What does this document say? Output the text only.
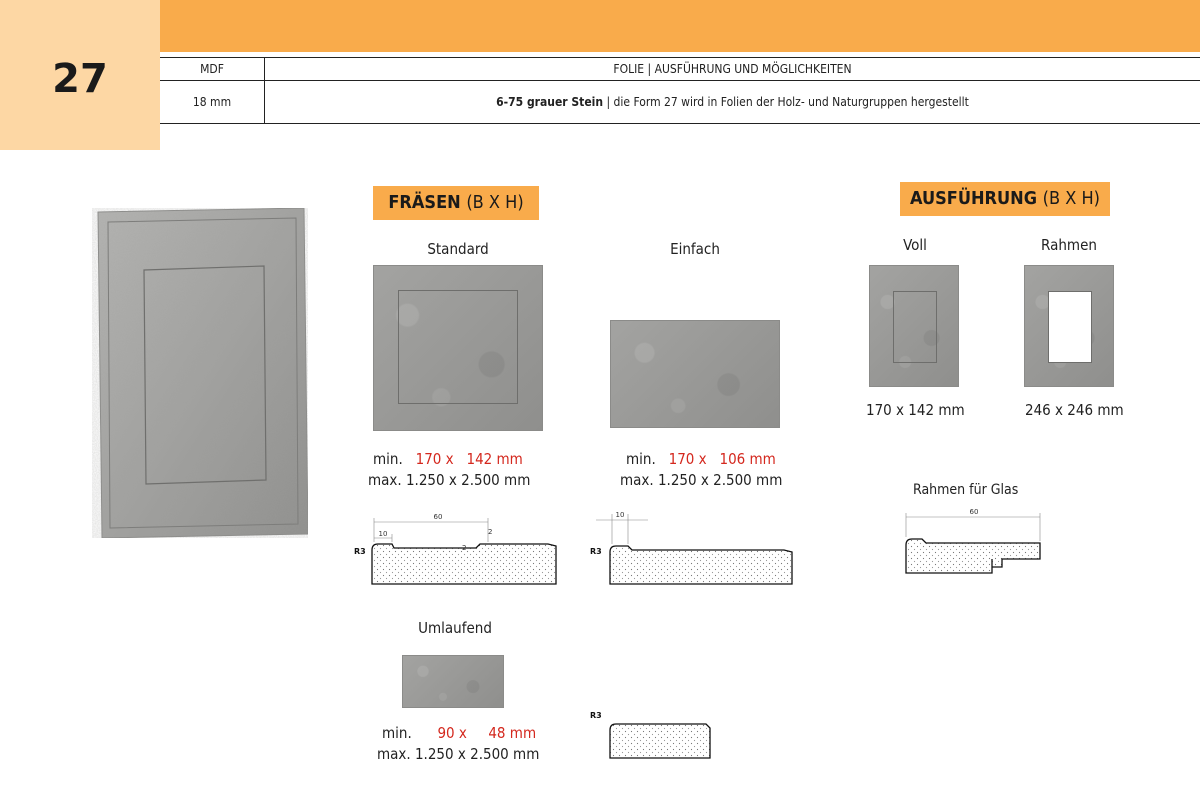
27	MDF	FOLIE | AUSFÜHRUNG UND MÖGLICHKEITEN
18 mm	6-75 grauer Stein | die Form 27 wird in Folien der Holz- und Naturgruppen hergestellt
FRÄSEN (B X H)	AUSFÜHRUNG (B X H)
Standard
min. 170 x 142 mm
max. 1.250 x 2.500 mm
Einfach
min. 170 x 106 mm
max. 1.250 x 2.500 mm
Umlaufend
min. 90 x 48 mm
max. 1.250 x 2.500 mm
Voll
170 x 142 mm
Rahmen
246 x 246 mm
Rahmen für Glas
60
10	2
2
R3
10
R3
R3
60
